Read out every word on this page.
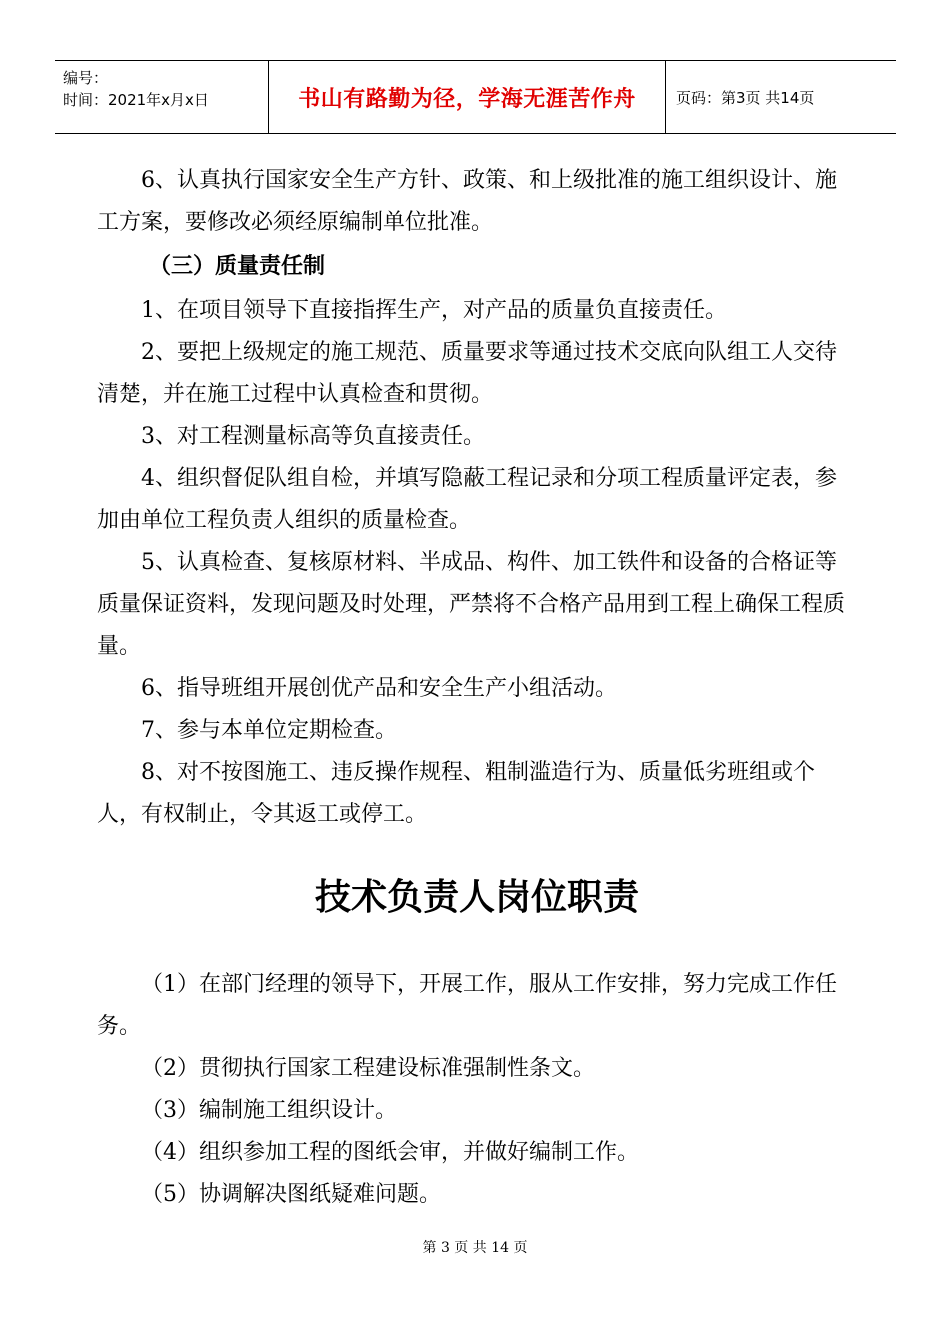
编号：
时间：2021年x月x日	书山有路勤为径，学海无涯苦作舟	页码：第3页 共14页

6、认真执行国家安全生产方针、政策、和上级批准的施工组织设计、施工方案，要修改必须经原编制单位批准。

（三）质量责任制

1、在项目领导下直接指挥生产，对产品的质量负直接责任。

2、要把上级规定的施工规范、质量要求等通过技术交底向队组工人交待清楚，并在施工过程中认真检查和贯彻。

3、对工程测量标高等负直接责任。

4、组织督促队组自检，并填写隐蔽工程记录和分项工程质量评定表，参加由单位工程负责人组织的质量检查。

5、认真检查、复核原材料、半成品、构件、加工铁件和设备的合格证等质量保证资料，发现问题及时处理，严禁将不合格产品用到工程上确保工程质量。

6、指导班组开展创优产品和安全生产小组活动。

7、参与本单位定期检查。

8、对不按图施工、违反操作规程、粗制滥造行为、质量低劣班组或个人，有权制止，令其返工或停工。

技术负责人岗位职责

（1）在部门经理的领导下，开展工作，服从工作安排，努力完成工作任务。

（2）贯彻执行国家工程建设标准强制性条文。

（3）编制施工组织设计。

（4）组织参加工程的图纸会审，并做好编制工作。

（5）协调解决图纸疑难问题。

第 3 页 共 14 页
